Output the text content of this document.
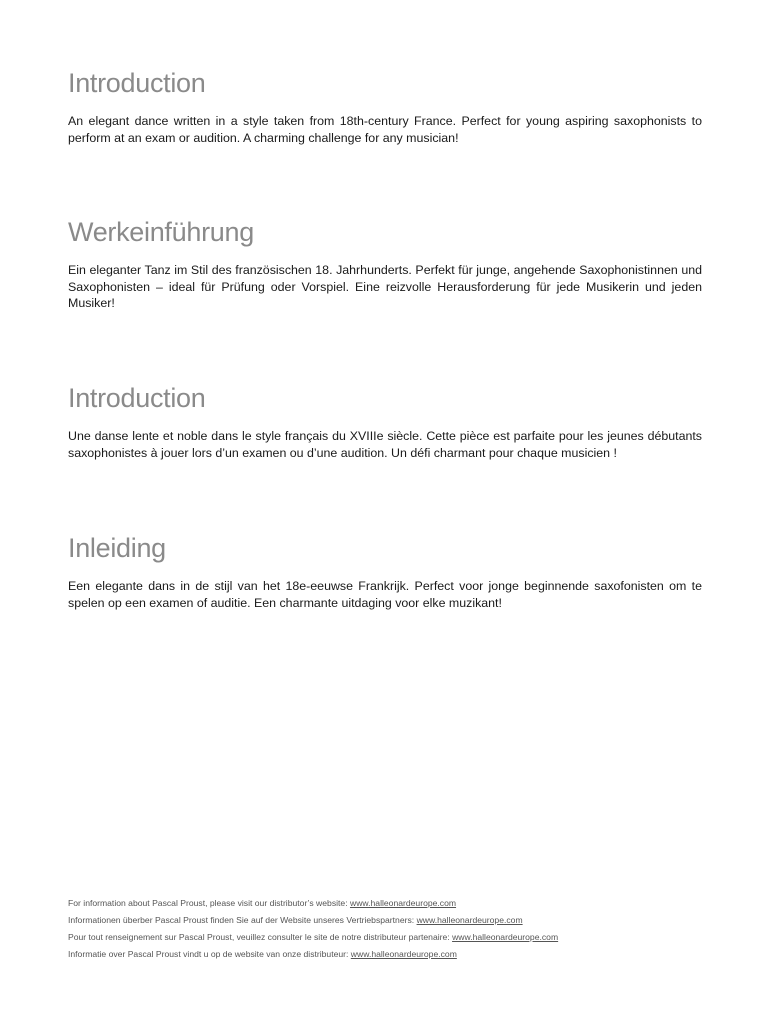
Introduction

An elegant dance written in a style taken from 18th-century France. Perfect for young aspiring saxophonists to perform at an exam or audition. A charming challenge for any musician!

Werkeinführung

Ein eleganter Tanz im Stil des französischen 18. Jahrhunderts. Perfekt für junge, angehende Saxophonistinnen und Saxophonisten – ideal für Prüfung oder Vorspiel. Eine reizvolle Herausforderung für jede Musikerin und jeden Musiker!

Introduction

Une danse lente et noble dans le style français du XVIIIe siècle. Cette pièce est parfaite pour les jeunes débutants saxophonistes à jouer lors d’un examen ou d’une audition. Un défi charmant pour chaque musicien !

Inleiding

Een elegante dans in de stijl van het 18e-eeuwse Frankrijk. Perfect voor jonge beginnende saxofonisten om te spelen op een examen of auditie. Een charmante uitdaging voor elke muzikant!

For information about Pascal Proust, please visit our distributor’s website: www.halleonardeurope.com
Informationen überber Pascal Proust finden Sie auf der Website unseres Vertriebspartners: www.halleonardeurope.com
Pour tout renseignement sur Pascal Proust, veuillez consulter le site de notre distributeur partenaire: www.halleonardeurope.com
Informatie over Pascal Proust vindt u op de website van onze distributeur: www.halleonardeurope.com
